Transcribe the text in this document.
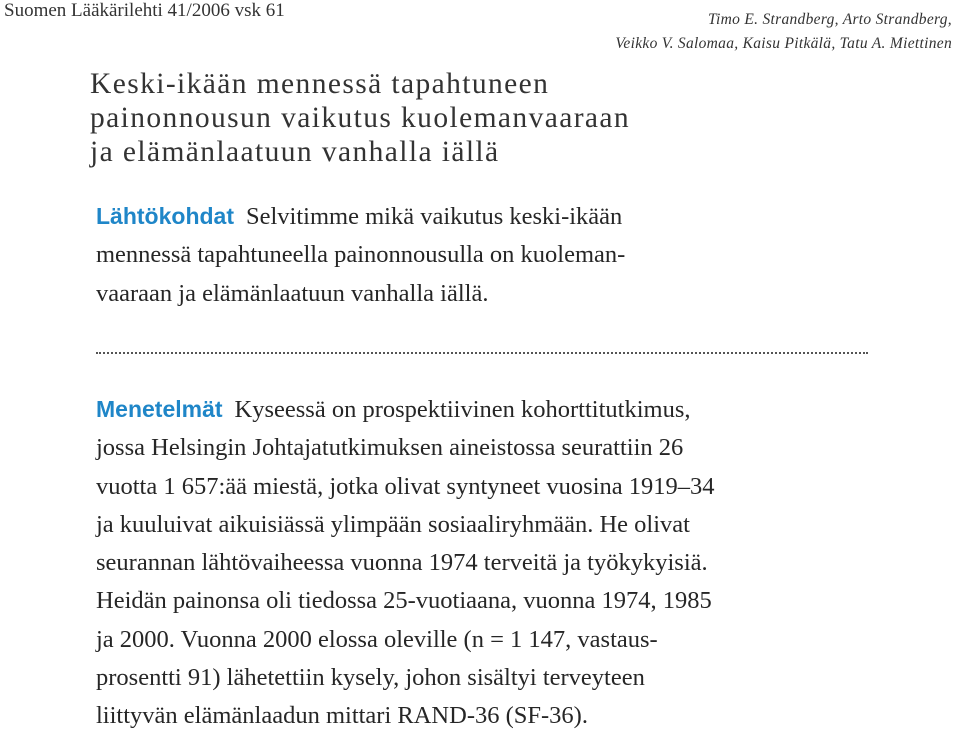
Suomen Lääkärilehti 41/2006 vsk 61	Timo E. Strandberg, Arto Strandberg,
Veikko V. Salomaa, Kaisu Pitkälä, Tatu A. Miettinen
Keski-ikään mennessä tapahtuneen
painonnousun vaikutus kuolemanvaaraan
ja elämänlaatuun vanhalla iällä
Lähtökohdat Selvitimme mikä vaikutus keski-ikään
mennessä tapahtuneella painonnousulla on kuoleman-
vaaraan ja elämänlaatuun vanhalla iällä.
Menetelmät Kyseessä on prospektiivinen kohorttitutkimus,
jossa Helsingin Johtajatutkimuksen aineistossa seurattiin 26
vuotta 1 657:ää miestä, jotka olivat syntyneet vuosina 1919–34
ja kuuluivat aikuisiässä ylimpään sosiaaliryhmään. He olivat
seurannan lähtövaiheessa vuonna 1974 terveitä ja työkykyisiä.
Heidän painonsa oli tiedossa 25-vuotiaana, vuonna 1974, 1985
ja 2000. Vuonna 2000 elossa oleville (n = 1 147, vastaus-
prosentti 91) lähetettiin kysely, johon sisältyi terveyteen
liittyvän elämänlaadun mittari RAND-36 (SF-36).
